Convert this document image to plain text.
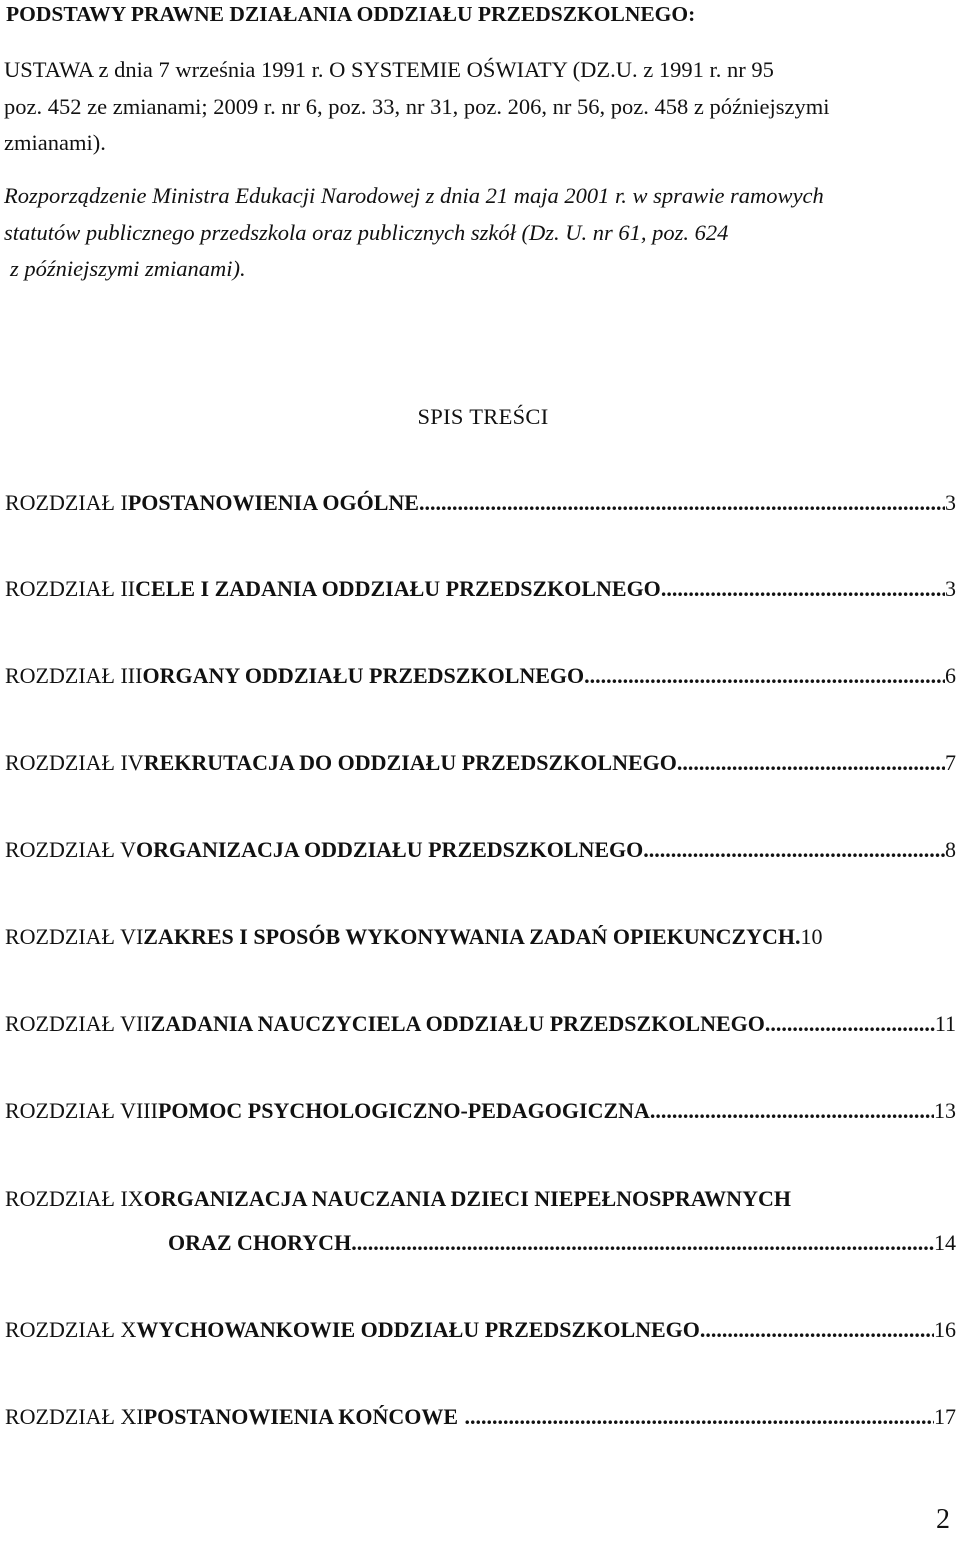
PODSTAWY PRAWNE DZIAŁANIA ODDZIAŁU PRZEDSZKOLNEGO:
USTAWA z dnia 7 września 1991 r. O SYSTEMIE OŚWIATY (DZ.U. z 1991 r. nr 95
poz. 452 ze zmianami; 2009 r. nr 6, poz. 33, nr 31, poz. 206, nr 56, poz. 458 z późniejszymi
zmianami).
Rozporządzenie Ministra Edukacji Narodowej z dnia 21 maja 2001 r. w sprawie ramowych
statutów publicznego przedszkola oraz publicznych szkół (Dz. U. nr 61, poz. 624
z późniejszymi zmianami).
SPIS TREŚCI
ROZDZIAŁ I POSTANOWIENIA OGÓLNE .....	3
ROZDZIAŁ II CELE I ZADANIA ODDZIAŁU PRZEDSZKOLNEGO .....	3
ROZDZIAŁ III ORGANY ODDZIAŁU PRZEDSZKOLNEGO .....	6
ROZDZIAŁ IV REKRUTACJA DO ODDZIAŁU PRZEDSZKOLNEGO .....	7
ROZDZIAŁ V ORGANIZACJA ODDZIAŁU PRZEDSZKOLNEGO .....	8
ROZDZIAŁ VI ZAKRES I SPOSÓB WYKONYWANIA ZADAŃ OPIEKUNCZYCH. 10
ROZDZIAŁ VII ZADANIA NAUCZYCIELA ODDZIAŁU PRZEDSZKOLNEGO .....	11
ROZDZIAŁ VIII POMOC PSYCHOLOGICZNO-PEDAGOGICZNA .....	13
ROZDZIAŁ IX ORGANIZACJA NAUCZANIA DZIECI NIEPEŁNOSPRAWNYCH
ORAZ CHORYCH .....	14
ROZDZIAŁ X WYCHOWANKOWIE ODDZIAŁU PRZEDSZKOLNEGO .....	16
ROZDZIAŁ XI POSTANOWIENIA KOŃCOWE .....	17
2
